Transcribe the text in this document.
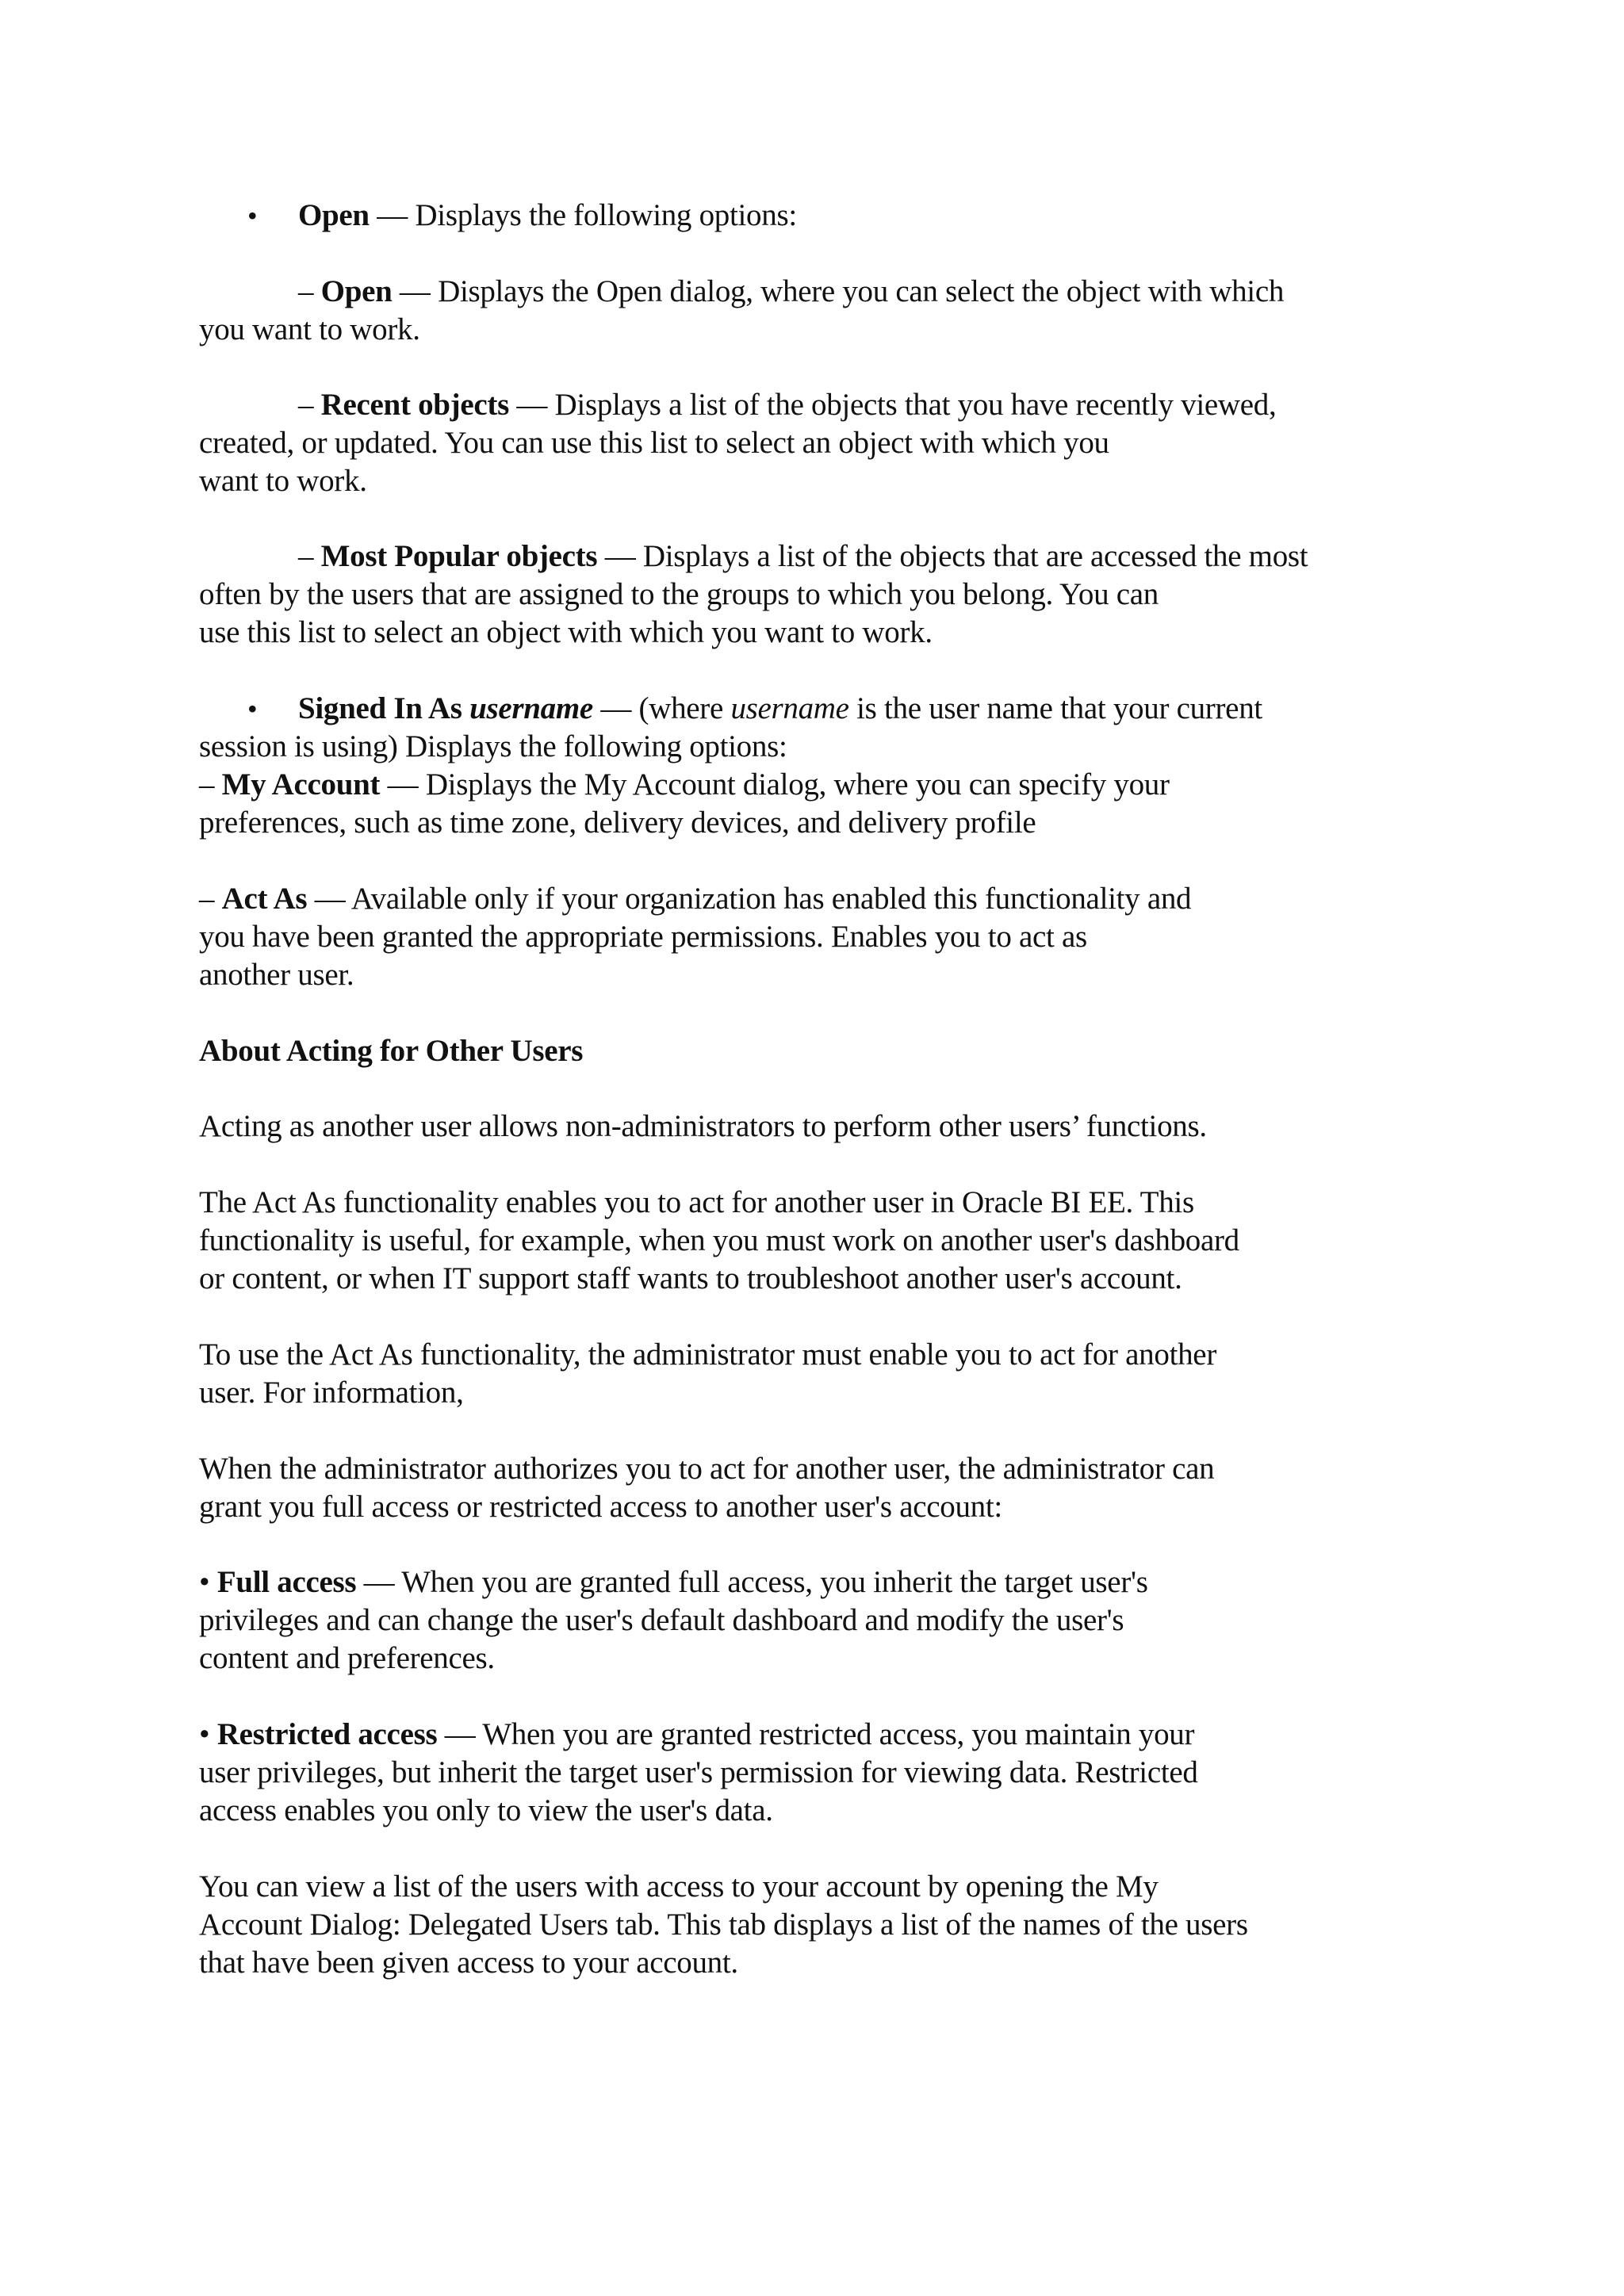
• Open — Displays the following options:
– Open — Displays the Open dialog, where you can select the object with which
you want to work.
– Recent objects — Displays a list of the objects that you have recently viewed,
created, or updated. You can use this list to select an object with which you
want to work.
– Most Popular objects — Displays a list of the objects that are accessed the most
often by the users that are assigned to the groups to which you belong. You can
use this list to select an object with which you want to work.
• Signed In As username — (where username is the user name that your current
session is using) Displays the following options:
– My Account — Displays the My Account dialog, where you can specify your
preferences, such as time zone, delivery devices, and delivery profile
– Act As — Available only if your organization has enabled this functionality and
you have been granted the appropriate permissions. Enables you to act as
another user.
About Acting for Other Users
Acting as another user allows non-administrators to perform other users’ functions.
The Act As functionality enables you to act for another user in Oracle BI EE. This
functionality is useful, for example, when you must work on another user's dashboard
or content, or when IT support staff wants to troubleshoot another user's account.
To use the Act As functionality, the administrator must enable you to act for another
user. For information,
When the administrator authorizes you to act for another user, the administrator can
grant you full access or restricted access to another user's account:
• Full access — When you are granted full access, you inherit the target user's
privileges and can change the user's default dashboard and modify the user's
content and preferences.
• Restricted access — When you are granted restricted access, you maintain your
user privileges, but inherit the target user's permission for viewing data. Restricted
access enables you only to view the user's data.
You can view a list of the users with access to your account by opening the My
Account Dialog: Delegated Users tab. This tab displays a list of the names of the users
that have been given access to your account.
